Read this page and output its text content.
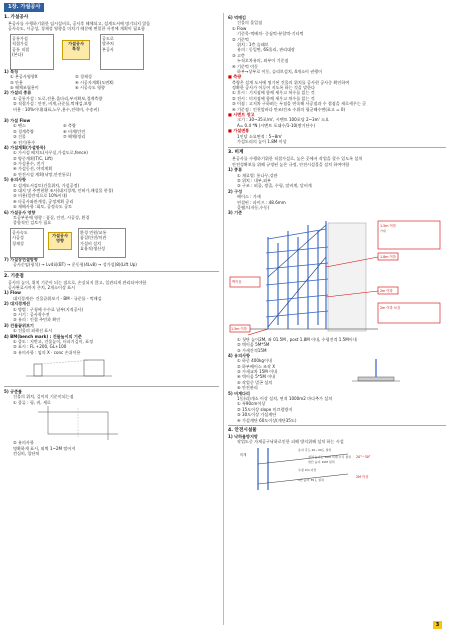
1장. 가설공사
1. 가설공사
본공사를 수행하기위한 임시설비로, 공사후 해체되고, 설계도서에 명기되지 않음
공사속도, 시공성, 경제성 영향을 미치기 때문에 면밀한 사전에 계획이 필요함
공통가설
직접가설
공통 직접
(본다)
가설공사
특징
공도로
발주처
본공사
1) 특징
① 본공사영향X	② 경제성
③ 안용	④ 시공자계획(도면X)
⑤ 해체조립용이	⑥ 시공속도 영향
2) 가설의 종류
① 공통가설 : 도로,전용.울타리,부지확보,경계측량
② 직접가설 : 안전, 비계,규준틀,먹매김,보양
비용 : 10%이내(대표,노무,용수,전력비, 수송비)
3) 가설 Flow
① 펜스	⑤ 측량
② 경계측량	⑥ 비계/안전
③ 건물	⑦ 해체/정리
④ 전기/용수
4) 가설계획(가설항목)
① 가시설 배치도(사무실,가설도로,fence)
② 양중계획(T/C, Lift)
③ 가설용수, 전기
④ 가설동선, 야적계획
⑤ 안전시설 계획(낙망,안전통로)
5) 유의사항
① 설계도서검토(건물위치, 가설공정)
② 대지 및 주변현황 조사(대지경계, 인허가,매설물 현경)
③ 비용(일반적으로 10%이내)
④ 타공사와관계성, 공정계획 공리
⑤ 재해사항 :회토, 공정속도 공토
6) 가설공사 영향
토공부분에 영향 : 품질, 안전, 시공성, 환경
종합적인 검토가 필요
공사속도
시공성
경제성
가설공사
영향
환경 민원/교통
품질/안전/미관
가설비 설치
효율적/생산성
7) 가설장연결방향
공사순임(평석) → Lv4회(BT) → 운동형(4Lv8) → 성가설(8)(Lift Up)
2. 기준점
공사의 높이, 위치 기준이 되는 점으로, 손실되지 않고, 일관되게 관리되어야함
공사완료시까지 존치, 2개소이상 표시
1) Flow
대지경계선- 건물끝위보기 - BM - 규준틀 - 먹매김
2) 대지경계선
① 방법 : 구청에 수수료 납부(지적공사)
② 시기 : 공사착수전
③ 유의 : 인접 주민과 확인
3) 건물끝위보기
① 건물의 외곽선 표시
4) BM(bench mark) : 건물높이의 기준
① 종도 : 지반고, 건물높이, 터파기깊이, 표정
② 표시 : FL +200, GL+100
③ 유의사항 : 임의 X · conc 손쉬이용
5) 규준틀
건물의 위치, 깊이의 기준이되는점
① 종류 : 평, 귀, 세로
② 유의사항
명확하게 표시, 외벽 1~2M 떨어져
견실히, 입단처
6) 먹매김
건물의 물일점
① Flow
기준목-먹배치- 중심먹-분할먹-기타먹
② 기준먹
위치 : 1층 슬래브
유의 : 동일면, 6S올리, 관리대장
③ 고층
누직오차유의, 외부이 기준점
④ 기준먹 이동
하부→상부로 이동, 슬리브설치, 4개소이 권행이
■ 측량
측량은 설계 도서에 명기된 건물의 위치를 공사현 공사중 확인하여
정확한 공사가 이루어 지도록 하는 것을 말한다
① 후시 : 기지점에 함께 세우고 처수를 읽는 것
② 전시 : 미지점에 함께 세우고 처수를 읽는 것
③ 이점 : 고저차 구하려는 두점을 연속해 사공점과 수 접점을 새로세우는 곳
④ 기준점 : 인천앞바다 만조/간조 수위의 평균해수면(표고 = 0)
■ 시멘트 창고
크기 : 30~35포/m', 시멘트 100포당 2~3m' 소요
A= 0.4 *N (시멘트 포대수/1-10(쌓기단수)
■ 가설변통
1인당 소요면적 : 5~8m'
가설도리의 높이 1.8M 이상
3. 비계
본공사를 수행하기위한 직접가설로, 높은 곳에서 작업을 할수 있도록 설치
안전성확보를 위해 규정된 높은 규정, 안전시설물을 설치 하여야함
1) 종류
① 재료별: 통나무,강관
② 위치 : 내부,외부
③ 구조 : 외줄, 쌍줄, 수평, 말비계, 달비계
2) 구성
베이스 : 가새
연결핀 : 파이프 : 48.6mm
클램프(자동,수동)
3) 기준
1.5m 이하
가새
1.8m 이하
2m 이하
2m 이하 보강
1.5m 이하
벽이음
① 첫단 높이2M, 좌 01.5M , post 1.8M 이내, 수평진격 1.5M이내
② 벽이음 5M*5M
③ 가새간격15M
4) 유의사항
① 하중 400kg이내
② 하부베이스 조작 X
③ 가새교차 15M 이내
④ 벽이음 5*5M 이내
⑤ 작업중 멀곤 설치
⑥ 안전관리
5) 비계다리
1동(리)개소 이상 설치, 연적 1000m2 마다추가 설치
① 폭90cm이상
② 15도이상 slope 미끄럼방지
③ 30도이상 가설계단
④ 가설계단 60도이상(계단35도)
4. 안전시설물
1) 낙하물방지망
작업도중 자재공구낙하로인한 피해 방지위해 설치 하는 시설
비계
유지 각도 20~30도 설치
설치 높이는 10M 이내 수직 설치
첫단 높이 10M 설치
수평 2m 이상
1단 높이 35도 설치
20°~30°
2M 이상
3
